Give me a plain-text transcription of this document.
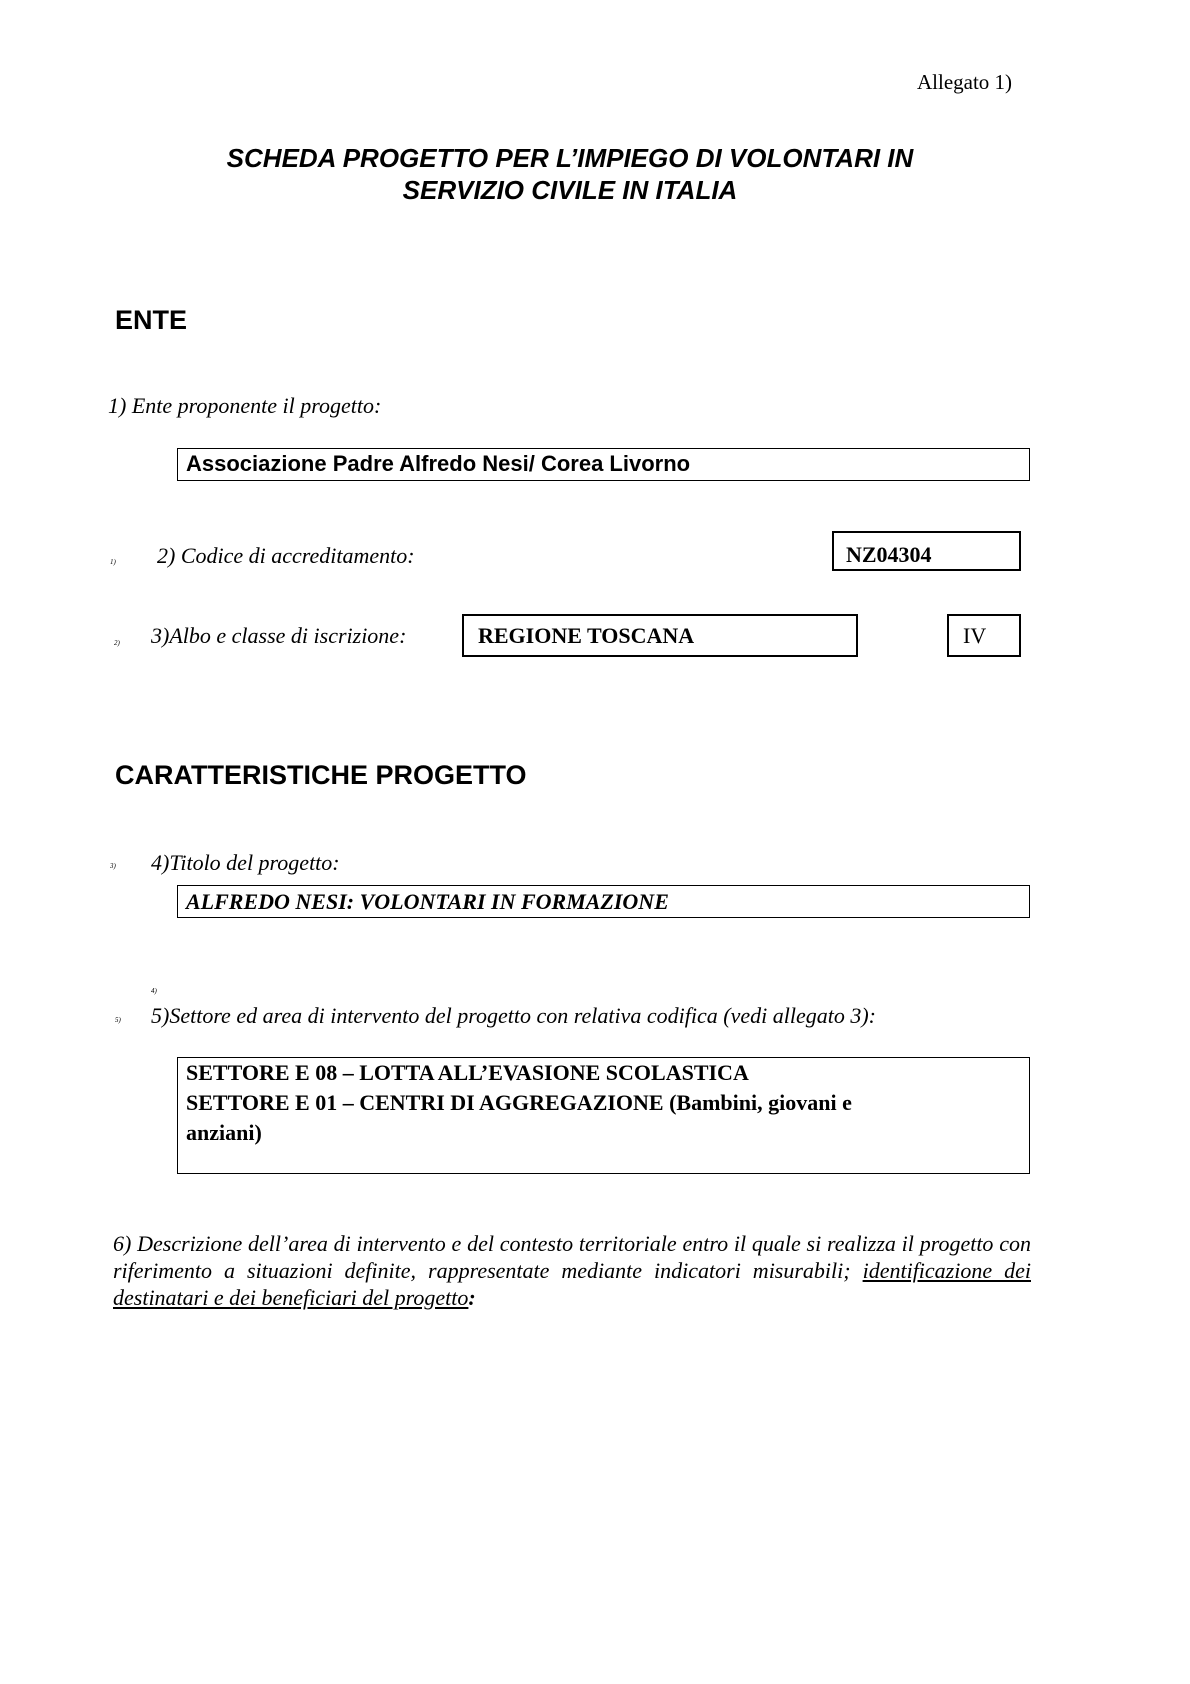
Allegato 1)
SCHEDA PROGETTO PER L’IMPIEGO DI VOLONTARI IN
SERVIZIO CIVILE IN ITALIA
ENTE
1) Ente proponente il progetto:
Associazione Padre Alfredo Nesi/ Corea Livorno
1) 2) Codice di accreditamento:	NZ04304
2) 3)Albo e classe di iscrizione:	REGIONE TOSCANA	IV
CARATTERISTICHE PROGETTO
3) 4)Titolo del progetto:
ALFREDO NESI: VOLONTARI IN FORMAZIONE
4)
5) 5)Settore ed area di intervento del progetto con relativa codifica (vedi allegato 3):
SETTORE E 08 – LOTTA ALL’EVASIONE SCOLASTICA
SETTORE E 01 – CENTRI DI AGGREGAZIONE (Bambini, giovani e
anziani)
6) Descrizione dell’area di intervento e del contesto territoriale entro il quale si realizza il progetto con riferimento a situazioni definite, rappresentate mediante indicatori misurabili; identificazione dei destinatari e dei beneficiari del progetto:
